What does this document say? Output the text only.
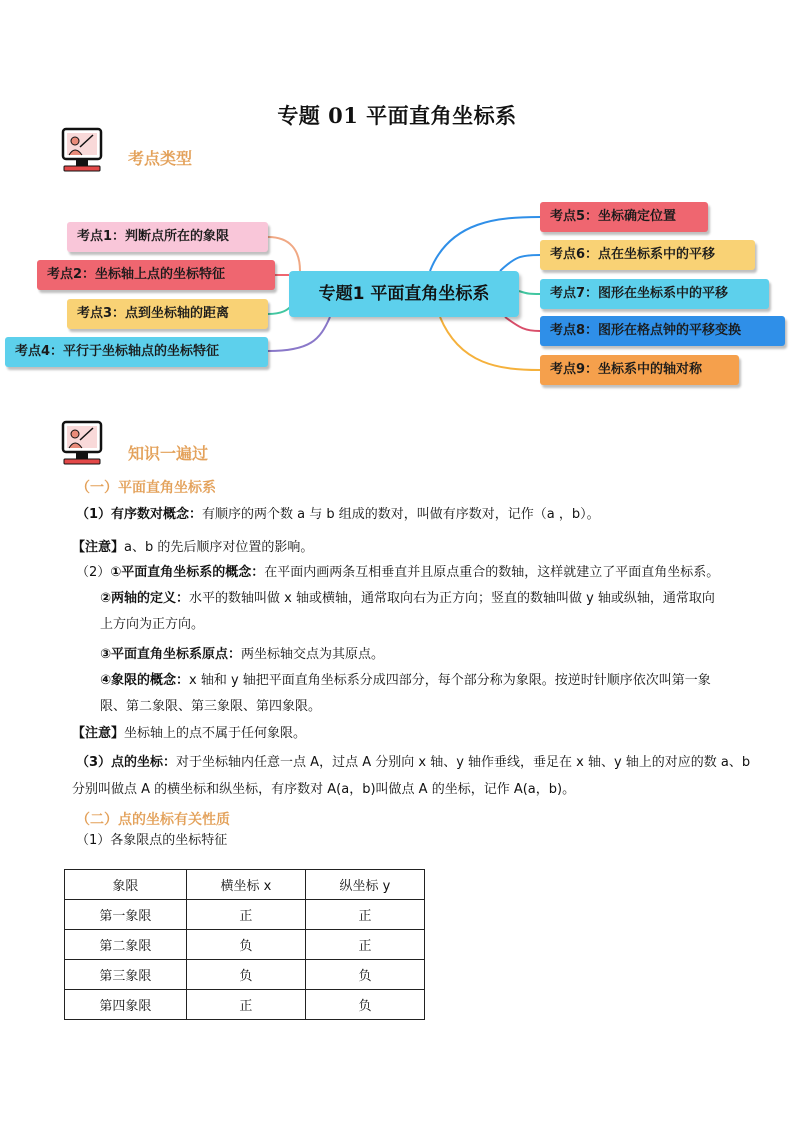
专题 01 平面直角坐标系
考点类型
专题1 平面直角坐标系
考点1：判断点所在的象限
考点2：坐标轴上点的坐标特征
考点3：点到坐标轴的距离
考点4：平行于坐标轴点的坐标特征
考点5：坐标确定位置
考点6：点在坐标系中的平移
考点7：图形在坐标系中的平移
考点8：图形在格点钟的平移变换
考点9：坐标系中的轴对称
知识一遍过
（一）平面直角坐标系
（1）有序数对概念：有顺序的两个数 a 与 b 组成的数对，叫做有序数对，记作（a ，b）。
【注意】a、b 的先后顺序对位置的影响。
（2）①平面直角坐标系的概念：在平面内画两条互相垂直并且原点重合的数轴，这样就建立了平面直角坐标系。
②两轴的定义：水平的数轴叫做 x 轴或横轴，通常取向右为正方向；竖直的数轴叫做 y 轴或纵轴，通常取向
上方向为正方向。
③平面直角坐标系原点：两坐标轴交点为其原点。
④象限的概念：x 轴和 y 轴把平面直角坐标系分成四部分，每个部分称为象限。按逆时针顺序依次叫第一象
限、第二象限、第三象限、第四象限。
【注意】坐标轴上的点不属于任何象限。
（3）点的坐标：对于坐标轴内任意一点 A，过点 A 分别向 x 轴、y 轴作垂线，垂足在 x 轴、y 轴上的对应的数 a、b
分别叫做点 A 的横坐标和纵坐标，有序数对 A(a，b)叫做点 A 的坐标，记作 A(a，b)。
（二）点的坐标有关性质
（1）各象限点的坐标特征
象限	横坐标 x	纵坐标 y
第一象限	正	正
第二象限	负	正
第三象限	负	负
第四象限	正	负
